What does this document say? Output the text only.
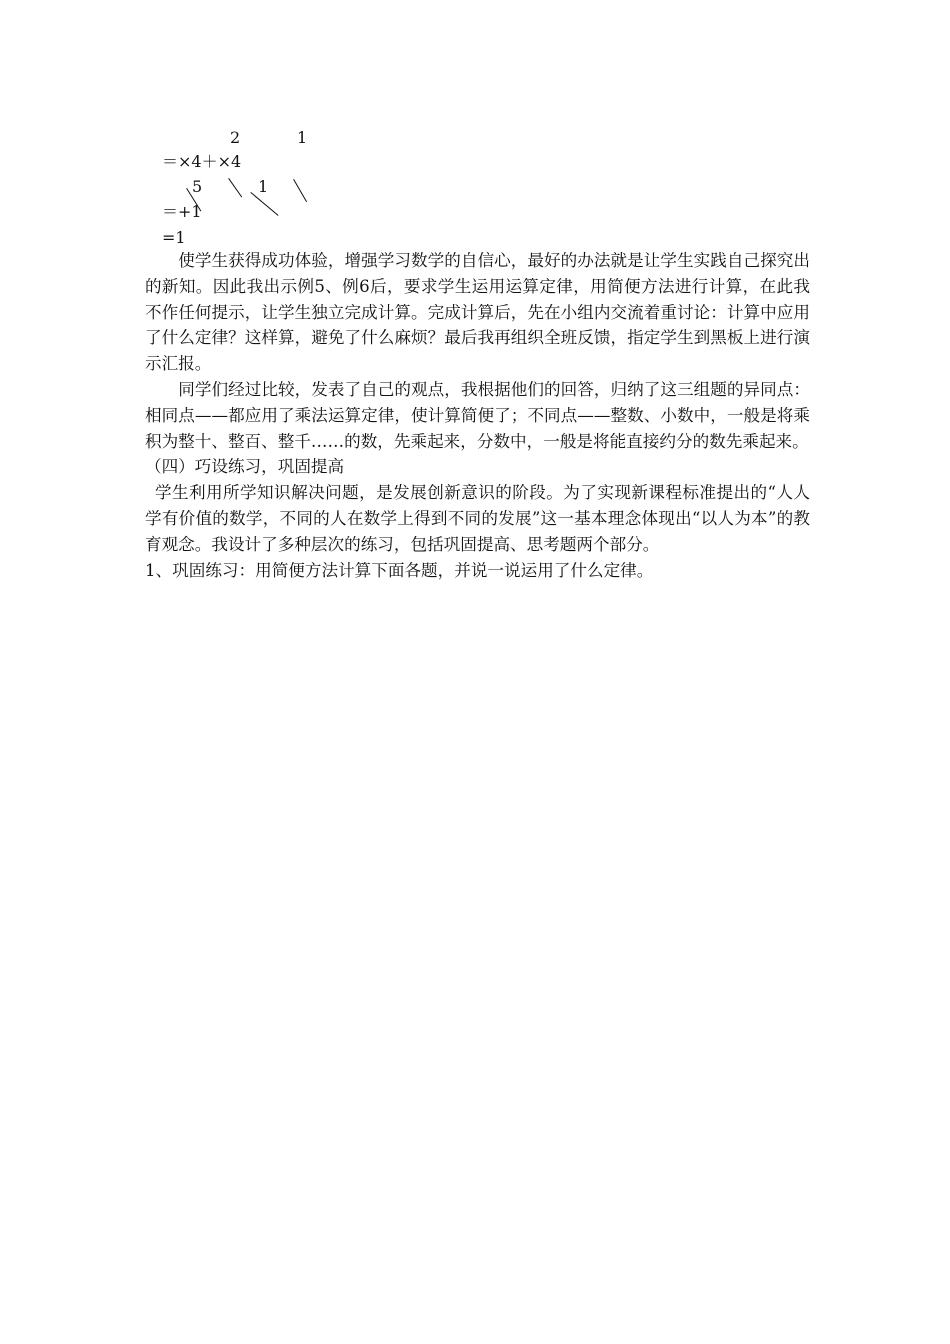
2	1
＝×4＋×4
5	1
＝+1
=1

使学生获得成功体验，增强学习数学的自信心，最好的办法就是让学生实践自己探究出的新知。因此我出示例5、例6后，要求学生运用运算定律，用简便方法进行计算，在此我不作任何提示，让学生独立完成计算。完成计算后，先在小组内交流着重讨论：计算中应用了什么定律？这样算，避免了什么麻烦？最后我再组织全班反馈，指定学生到黑板上进行演示汇报。

同学们经过比较，发表了自己的观点，我根据他们的回答，归纳了这三组题的异同点：相同点——都应用了乘法运算定律，使计算简便了；不同点——整数、小数中，一般是将乘积为整十、整百、整千……的数，先乘起来，分数中，一般是将能直接约分的数先乘起来。

（四）巧设练习，巩固提高

学生利用所学知识解决问题，是发展创新意识的阶段。为了实现新课程标准提出的“人人学有价值的数学，不同的人在数学上得到不同的发展”这一基本理念体现出“以人为本”的教育观念。我设计了多种层次的练习，包括巩固提高、思考题两个部分。

1、巩固练习：用简便方法计算下面各题，并说一说运用了什么定律。
